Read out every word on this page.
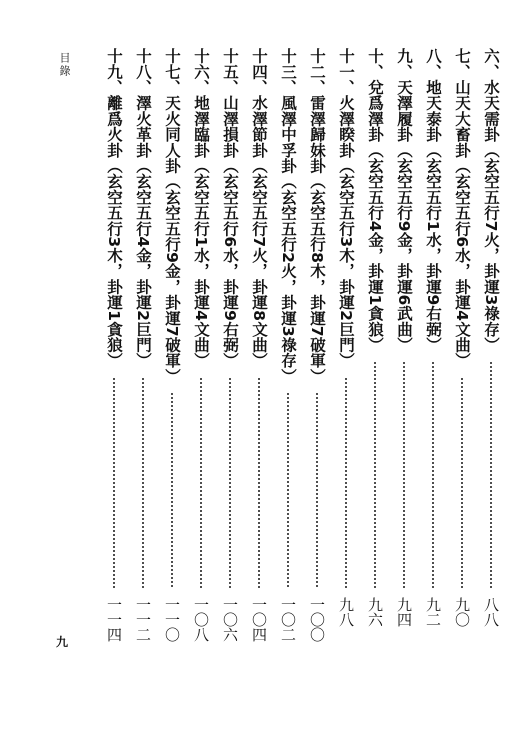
目錄	六、水天需卦（玄空五行7火，卦運3祿存）
八八
七、山天大畜卦（玄空五行6水，卦運4文曲）
九〇
八、地天泰卦（玄空五行1水，卦運9右弼）
九二
九、天澤履卦（玄空五行9金，卦運6武曲）
九四
十、兌爲澤卦（玄空五行4金，卦運1貪狼）
九六
十一、火澤睽卦（玄空五行3木，卦運2巨門）
九八
十二、雷澤歸妹卦（玄空五行8木，卦運7破軍）
一〇〇
十三、風澤中孚卦（玄空五行2火，卦運3祿存）
一〇二
十四、水澤節卦（玄空五行7火，卦運8文曲）
一〇四
十五、山澤損卦（玄空五行6水，卦運9右弼）
一〇六
十六、地澤臨卦（玄空五行1水，卦運4文曲）
一〇八
十七、天火同人卦（玄空五行9金，卦運7破軍）
一一〇
十八、澤火革卦（玄空五行4金，卦運2巨門）
一一二
十九、離爲火卦（玄空五行3木，卦運1貪狼）
一一四
九
